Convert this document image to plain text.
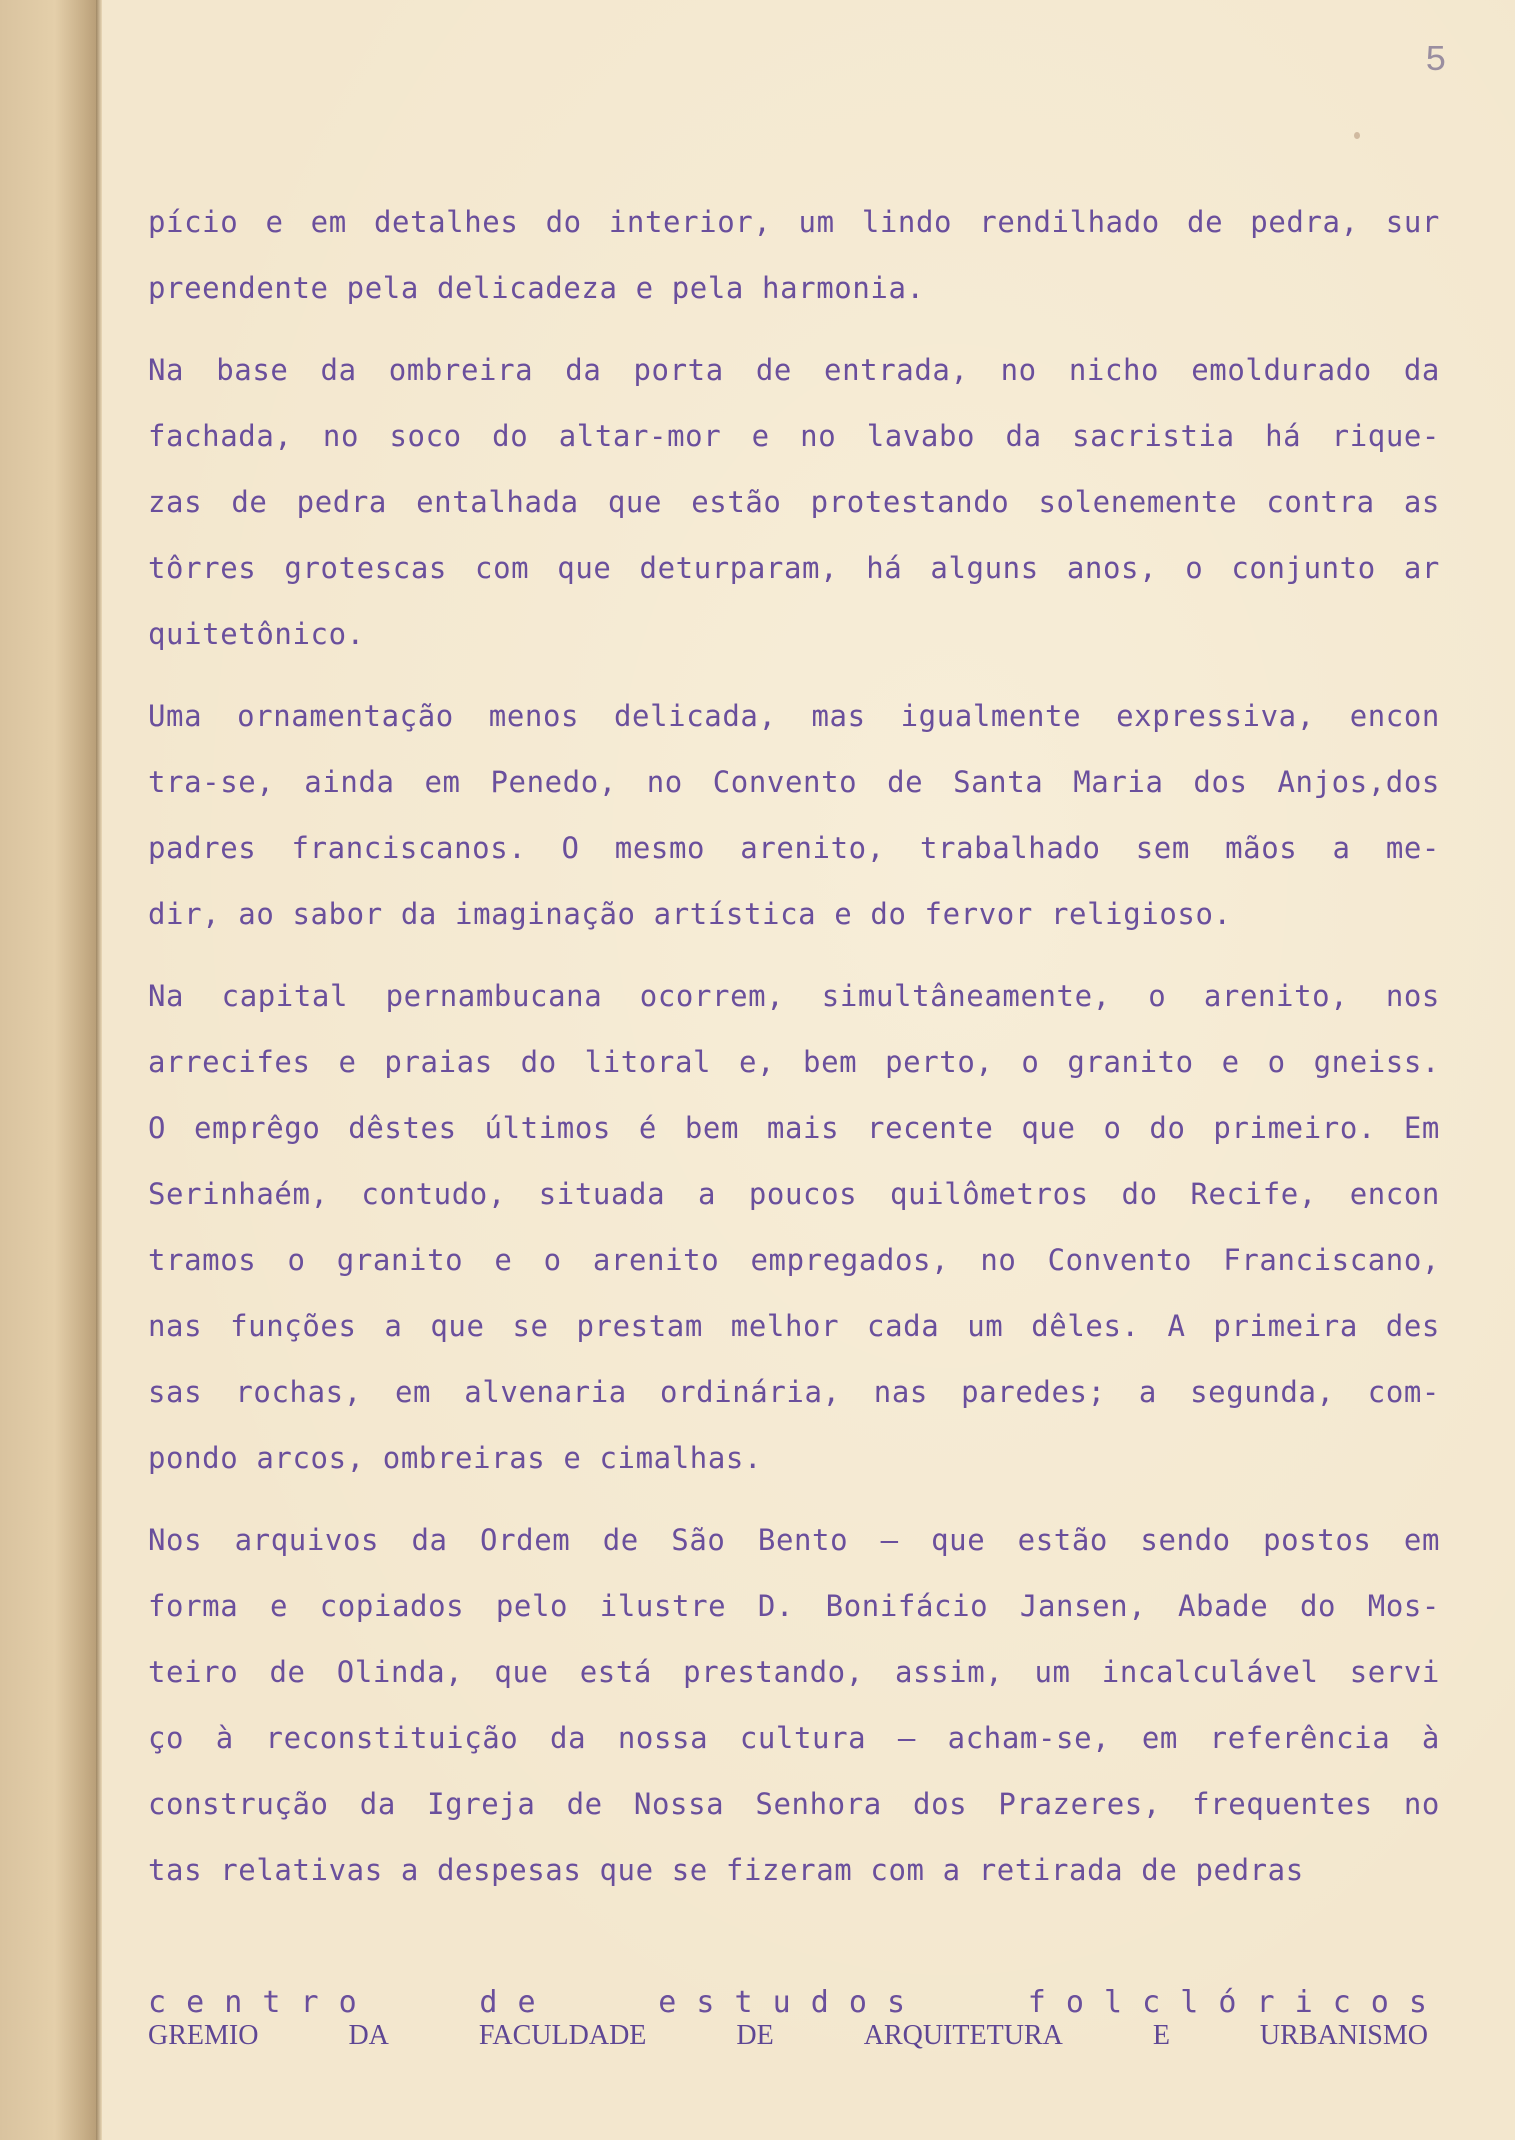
5
pício e em detalhes do interior, um lindo rendilhado de pedra, sur
preendente pela delicadeza e pela harmonia.
Na base da ombreira da porta de entrada, no nicho emoldurado da
fachada, no soco do altar-mor e no lavabo da sacristia há rique-
zas de pedra entalhada que estão protestando solenemente contra as
tôrres grotescas com que deturparam, há alguns anos, o conjunto ar
quitetônico.
Uma ornamentação menos delicada, mas igualmente expressiva, encon
tra-se, ainda em Penedo, no Convento de Santa Maria dos Anjos,dos
padres franciscanos. O mesmo arenito, trabalhado sem mãos a me-
dir, ao sabor da imaginação artística e do fervor religioso.
Na capital pernambucana ocorrem, simultâneamente, o arenito, nos
arrecifes e praias do litoral e, bem perto, o granito e o gneiss.
O emprêgo dêstes últimos é bem mais recente que o do primeiro. Em
Serinhaém, contudo, situada a poucos quilômetros do Recife, encon
tramos o granito e o arenito empregados, no Convento Franciscano,
nas funções a que se prestam melhor cada um dêles. A primeira des
sas rochas, em alvenaria ordinária, nas paredes; a segunda, com-
pondo arcos, ombreiras e cimalhas.
Nos arquivos da Ordem de São Bento — que estão sendo postos em
forma e copiados pelo ilustre D. Bonifácio Jansen, Abade do Mos-
teiro de Olinda, que está prestando, assim, um incalculável servi
ço à reconstituição da nossa cultura — acham-se, em referência à
construção da Igreja de Nossa Senhora dos Prazeres, frequentes no
tas relativas a despesas que se fizeram com a retirada de pedras
c e n t r o	d e	e s t u d o s	f o l c l ó r i c o s
GREMIO	DA	FACULDADE	DE	ARQUITETURA	E	URBANISMO
